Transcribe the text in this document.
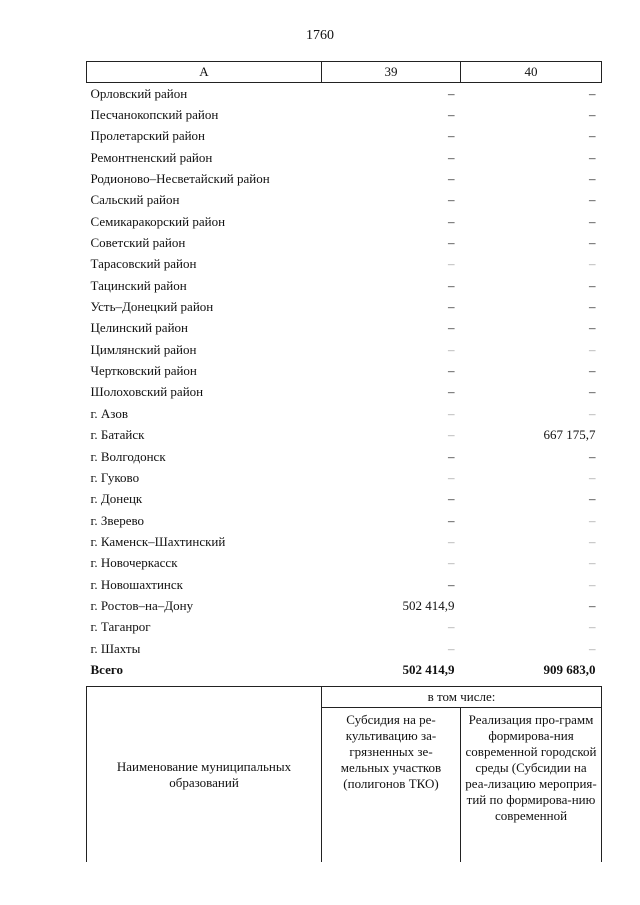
1760
А	39	40
Орловский район	–	–
Песчанокопский район	–	–
Пролетарский район	–	–
Ремонтненский район	–	–
Родионово–Несветайский район	–	–
Сальский район	–	–
Семикаракорский район	–	–
Советский район	–	–
Тарасовский район	–	–
Тацинский район	–	–
Усть–Донецкий район	–	–
Целинский район	–	–
Цимлянский район	–	–
Чертковский район	–	–
Шолоховский район	–	–
г. Азов	–	–
г. Батайск	–	667 175,7
г. Волгодонск	–	–
г. Гуково	–	–
г. Донецк	–	–
г. Зверево	–	–
г. Каменск–Шахтинский	–	–
г. Новочеркасск	–	–
г. Новошахтинск	–	–
г. Ростов–на–Дону	502 414,9	–
г. Таганрог	–	–
г. Шахты	–	–
Всего	502 414,9	909 683,0
Наименование муниципальных образований	в том числе:	
	Субсидия на ре-культивацию за-грязненных зе-мельных участков (полигонов ТКО)	Реализация про-грамм формирова-ния современной городской среды (Субсидии на реа-лизацию мероприя-тий по формирова-нию современной
